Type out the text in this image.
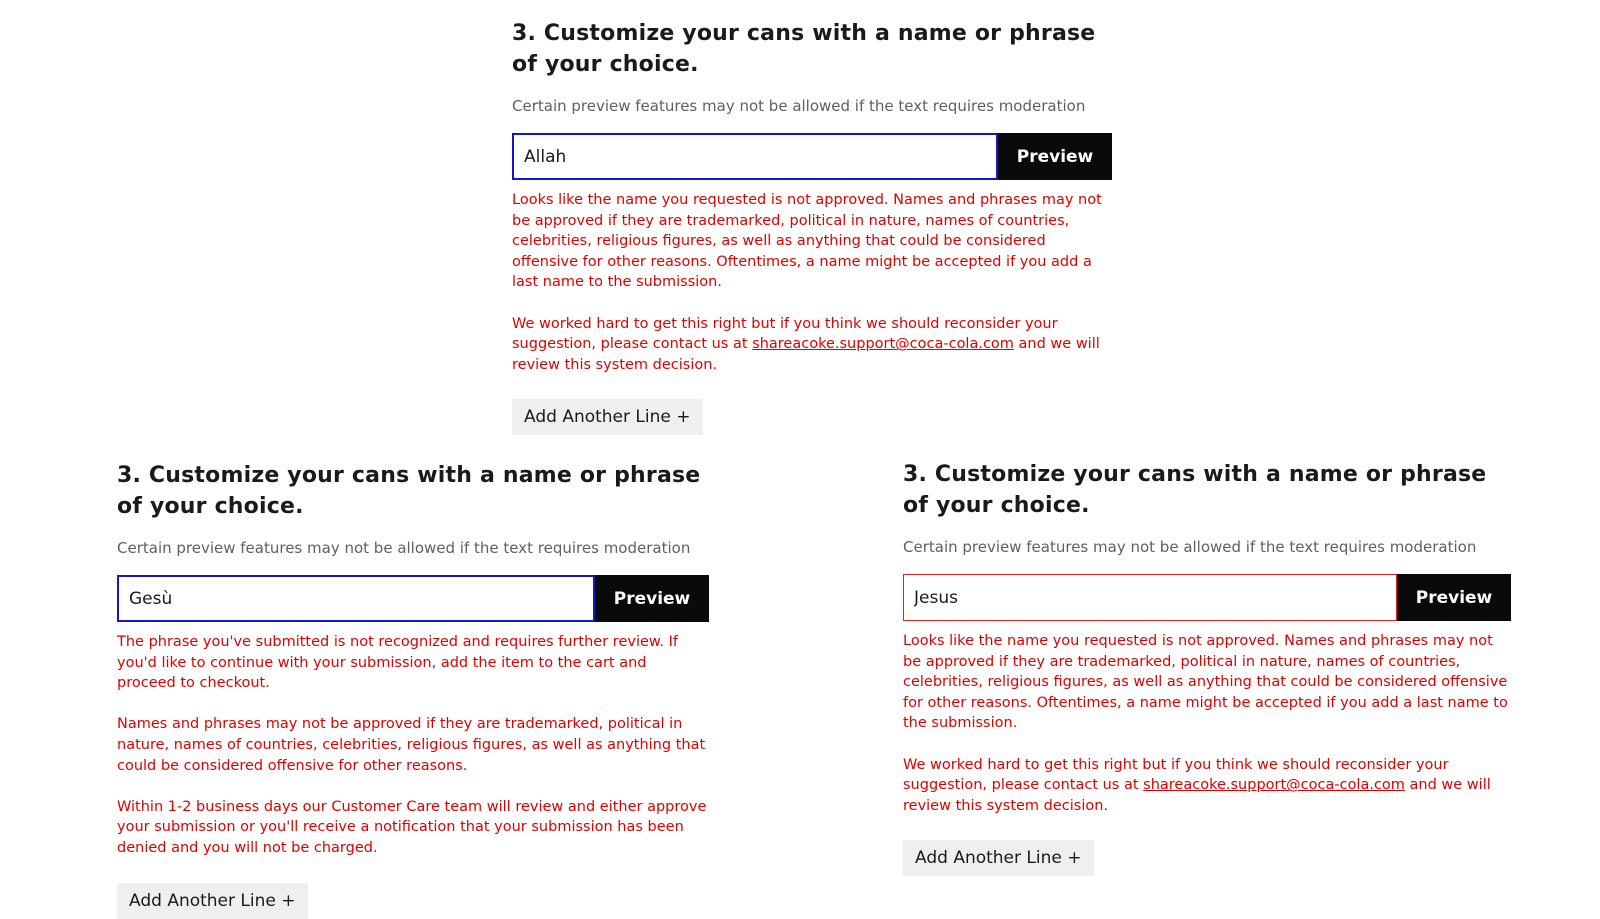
3. Customize your cans with a name or phrase of your choice.

Certain preview features may not be allowed if the text requires moderation

Allah
Preview

Looks like the name you requested is not approved. Names and phrases may not be approved if they are trademarked, political in nature, names of countries, celebrities, religious figures, as well as anything that could be considered offensive for other reasons. Oftentimes, a name might be accepted if you add a last name to the submission.

We worked hard to get this right but if you think we should reconsider your suggestion, please contact us at shareacoke.support@coca-cola.com and we will review this system decision.

Add Another Line +
3. Customize your cans with a name or phrase of your choice.

Certain preview features may not be allowed if the text requires moderation

Gesù
Preview

The phrase you've submitted is not recognized and requires further review. If you'd like to continue with your submission, add the item to the cart and proceed to checkout.

Names and phrases may not be approved if they are trademarked, political in nature, names of countries, celebrities, religious figures, as well as anything that could be considered offensive for other reasons.

Within 1-2 business days our Customer Care team will review and either approve your submission or you'll receive a notification that your submission has been denied and you will not be charged.

Add Another Line +
3. Customize your cans with a name or phrase of your choice.

Certain preview features may not be allowed if the text requires moderation

Jesus
Preview

Looks like the name you requested is not approved. Names and phrases may not be approved if they are trademarked, political in nature, names of countries, celebrities, religious figures, as well as anything that could be considered offensive for other reasons. Oftentimes, a name might be accepted if you add a last name to the submission.

We worked hard to get this right but if you think we should reconsider your suggestion, please contact us at shareacoke.support@coca-cola.com and we will review this system decision.

Add Another Line +
